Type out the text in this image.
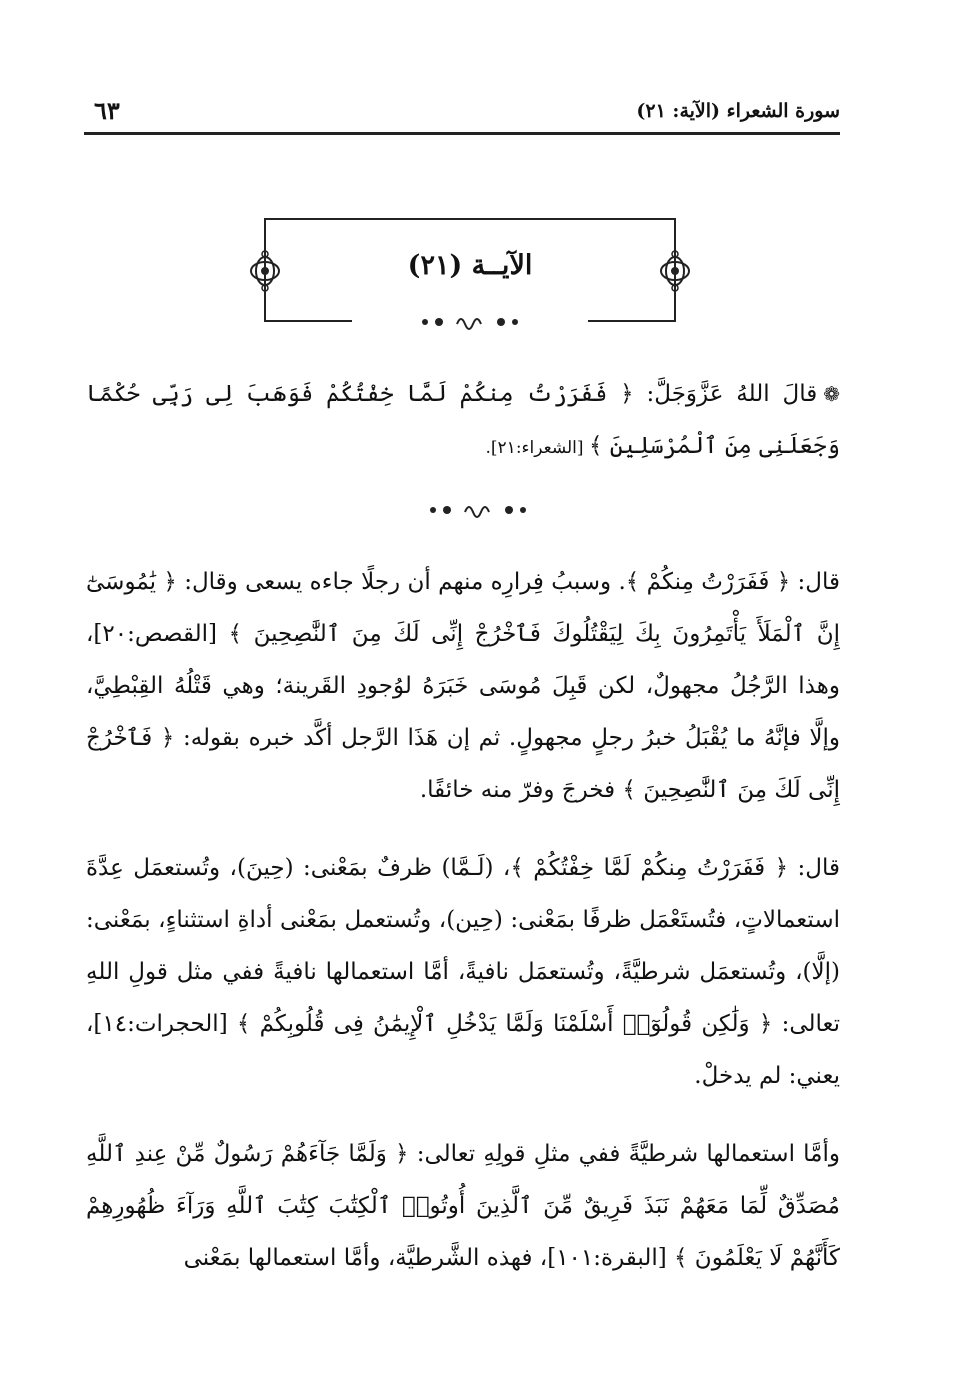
سورة الشعراء (الآية: ٢١)
٦٣
الآيــة (٢١)
❁قالَ اللهُ عَزَّوَجَلَّ: ﴿ فَفَرَرْتُ مِنكُمْ لَمَّا خِفْتُكُمْ فَوَهَبَ لِى رَبِّى حُكْمًا وَجَعَلَنِى مِنَ ٱلْمُرْسَلِينَ ﴾ [الشعراء:٢١].
قال: ﴿ فَفَرَرْتُ مِنكُمْ ﴾. وسببُ فِرارِه منهم أن رجلًا جاءه يسعى وقال: ﴿ يَٰمُوسَىٰٓ إِنَّ ٱلْمَلَأَ يَأْتَمِرُونَ بِكَ لِيَقْتُلُوكَ فَٱخْرُجْ إِنِّى لَكَ مِنَ ٱلنَّٰصِحِينَ ﴾ [القصص:٢٠]، وهذا الرَّجُلُ مجهولٌ، لكن قَبِلَ مُوسَى خَبَرَهُ لوُجودِ القَرينة؛ وهي قَتْلُهُ القِبْطِيَّ، وإلَّا فإنَّهُ ما يُقْبَلُ خبرُ رجلٍ مجهولٍ. ثم إن هَذَا الرَّجل أكَّد خبره بقوله: ﴿ فَٱخْرُجْ إِنِّى لَكَ مِنَ ٱلنَّٰصِحِينَ ﴾ فخرجَ وفرّ منه خائفًا.
قال: ﴿ فَفَرَرْتُ مِنكُمْ لَمَّا خِفْتُكُمْ ﴾، (لَـمَّا) ظرفٌ بمَعْنى: (حِينَ)، وتُستعمَل عِدَّةَ استعمالاتٍ، فتُستَعْمَل ظرفًا بمَعْنى: (حِين)، وتُستعمل بمَعْنى أداةِ استثناءٍ، بمَعْنى: (إلَّا)، وتُستعمَل شرطيَّةً، وتُستعمَل نافيةً، أمَّا استعمالها نافيةً ففي مثل قولِ اللهِ تعالى: ﴿ وَلَٰكِن قُولُوٓا۟ أَسْلَمْنَا وَلَمَّا يَدْخُلِ ٱلْإِيمَٰنُ فِى قُلُوبِكُمْ ﴾ [الحجرات:١٤]، يعني: لم يدخلْ.
وأمَّا استعمالها شرطيَّةً ففي مثلِ قولِهِ تعالى: ﴿ وَلَمَّا جَآءَهُمْ رَسُولٌ مِّنْ عِندِ ٱللَّهِ مُصَدِّقٌ لِّمَا مَعَهُمْ نَبَذَ فَرِيقٌ مِّنَ ٱلَّذِينَ أُوتُوا۟ ٱلْكِتَٰبَ كِتَٰبَ ٱللَّهِ وَرَآءَ ظُهُورِهِمْ كَأَنَّهُمْ لَا يَعْلَمُونَ ﴾ [البقرة:١٠١]، فهذه الشَّرطيَّة، وأمَّا استعمالها بمَعْنى
